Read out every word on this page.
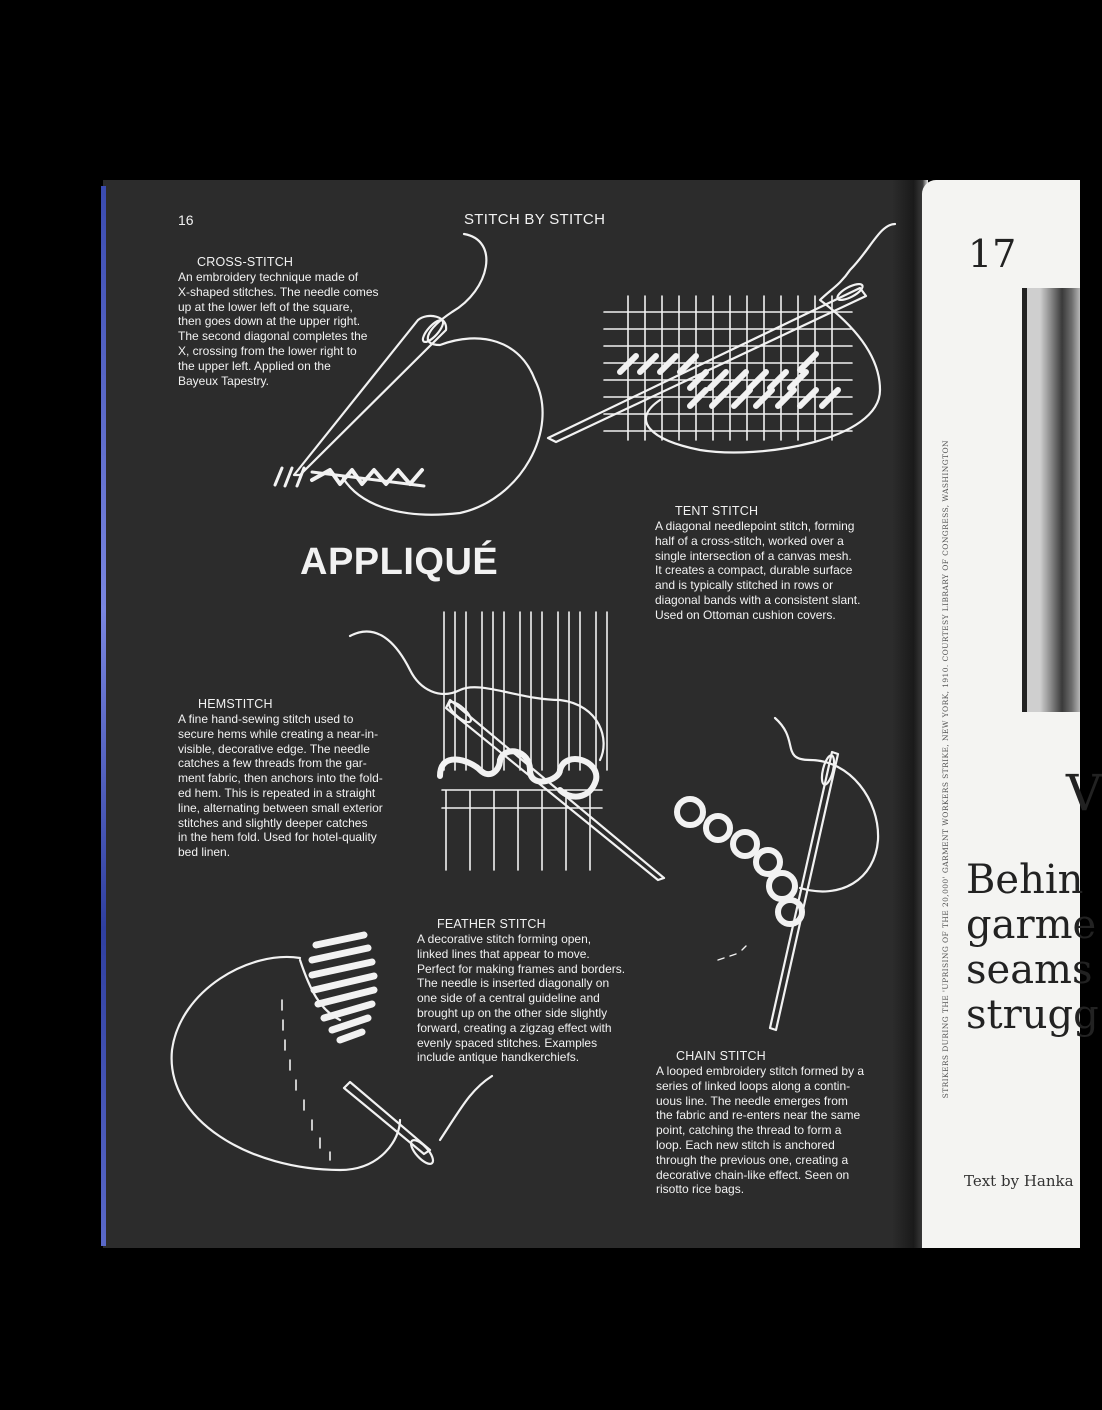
16	STITCH BY STITCH
APPLIQUÉ
CROSS-STITCH
An embroidery technique made of
X-shaped stitches. The needle comes
up at the lower left of the square,
then goes down at the upper right.
The second diagonal completes the
X, crossing from the lower right to
the upper left. Applied on the
Bayeux Tapestry.
TENT STITCH
A diagonal needlepoint stitch, forming
half of a cross-stitch, worked over a
single intersection of a canvas mesh.
It creates a compact, durable surface
and is typically stitched in rows or
diagonal bands with a consistent slant.
Used on Ottoman cushion covers.
HEMSTITCH
A fine hand-sewing stitch used to
secure hems while creating a near-in-
visible, decorative edge. The needle
catches a few threads from the gar-
ment fabric, then anchors into the fold-
ed hem. This is repeated in a straight
line, alternating between small exterior
stitches and slightly deeper catches
in the hem fold. Used for hotel-quality
bed linen.
FEATHER STITCH
A decorative stitch forming open,
linked lines that appear to move.
Perfect for making frames and borders.
The needle is inserted diagonally on
one side of a central guideline and
brought up on the other side slightly
forward, creating a zigzag effect with
evenly spaced stitches. Examples
include antique handkerchiefs.	CHAIN STITCH
A looped embroidery stitch formed by a
series of linked loops along a contin-
uous line. The needle emerges from
the fabric and re-enters near the same
point, catching the thread to form a
loop. Each new stitch is anchored
through the previous one, creating a
decorative chain-like effect. Seen on
risotto rice bags.
17
STRIKERS DURING THE 'UPRISING OF THE 20,000' GARMENT WORKERS STRIKE, NEW YORK, 1910. COURTESY LIBRARY OF CONGRESS, WASHINGTON V
Behin
garme
seams
strugg
Text by Hanka
